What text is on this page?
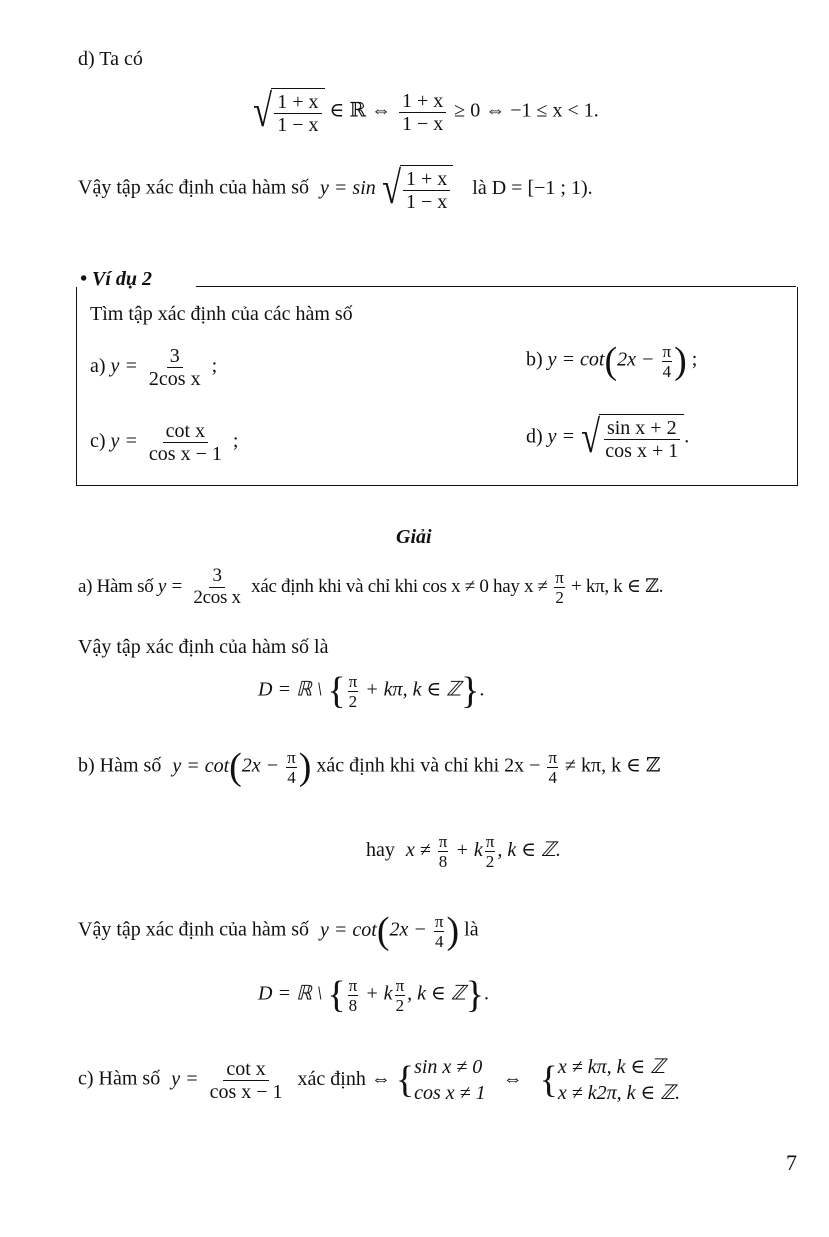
d) Ta có
√ $\frac{1 + x}{1 - x}$ ∈ ℝ ⇔ $\frac{1 + x}{1 - x} \ge 0$ ⇔ −1 ≤ x < 1.
Vậy tập xác định của hàm số y = sin √ $\frac{1 + x}{1 - x}$ là D = [−1 ; 1).
• Ví dụ 2
Tìm tập xác định của các hàm số
a) $y = \frac{3}{\text{2cos x}}$ ;	b) $y = \cot(2x - \frac{\pi}{4}$ ) ;
c) $y = \frac{\text{cot x}}{\text{cos x − 1}}$ ;	d) y = √ $\frac{\text{sin x + 2}}{\text{cos x + 1}}$ .
Giải
a) Hàm số $y = \frac{3}{\text{2cos x}}$ xác định khi và chỉ khi cos x ≠ 0 hay $x \ne \frac{\pi}{2} + k\pi$, k ∈ ℤ.
Vậy tập xác định của hàm số là
D = ℝ \ { $\frac{\pi}{2} + k\pi$, k ∈ ℤ}.
b) Hàm số $y = \cot(2x - \frac{\pi}{4}$ ) xác định khi và chỉ khi $2x - \frac{\pi}{4} \ne k\pi$, k ∈ ℤ
hay $x \ne \frac{\pi}{8} + k \frac{\pi}{2}$ , k ∈ ℤ.
Vậy tập xác định của hàm số $y = \cot(2x - \frac{\pi}{4}$ ) là
D = ℝ \ { $\frac{\pi}{8} + k \frac{\pi}{2}$ , k ∈ ℤ}.
c) Hàm số $y = \frac{\text{cot x}}{\text{cos x − 1}}$ xác định ⇔ { sin x ≠ 0
cos x ≠ 1
⇔ { x ≠ kπ, k ∈ ℤ
x ≠ k2π, k ∈ ℤ.
7
